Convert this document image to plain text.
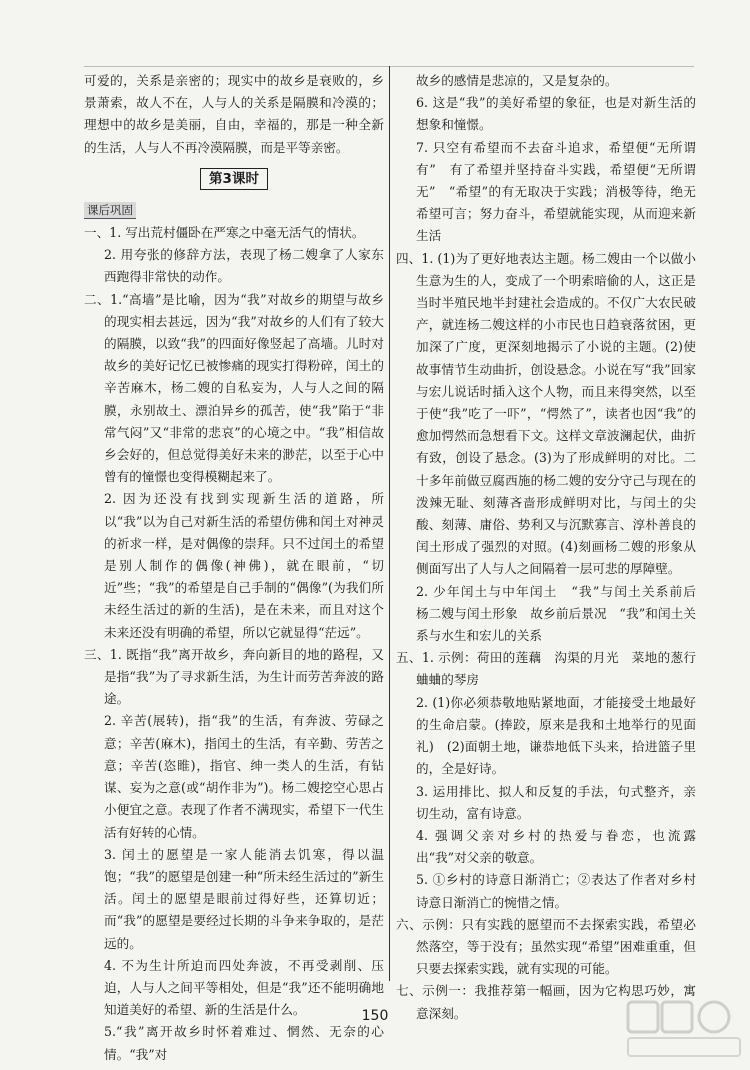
可爱的，关系是亲密的；现实中的故乡是衰败的，乡景萧索，故人不在，人与人的关系是隔膜和冷漠的；理想中的故乡是美丽，自由，幸福的，那是一种全新的生活，人与人不再冷漠隔膜，而是平等亲密。

第3课时
课后巩固

一、1. 写出荒村僵卧在严寒之中毫无活气的情状。

2. 用夸张的修辞方法，表现了杨二嫂拿了人家东西跑得非常快的动作。

二、1.“高墙”是比喻，因为“我”对故乡的期望与故乡的现实相去甚远，因为“我”对故乡的人们有了较大的隔膜，以致“我”的四面好像竖起了高墙。儿时对故乡的美好记忆已被惨痛的现实打得粉碎，闰土的辛苦麻木，杨二嫂的自私妄为，人与人之间的隔膜，永别故土、漂泊异乡的孤苦，使“我”陷于“非常气闷”又“非常的悲哀”的心境之中。“我”相信故乡会好的，但总觉得美好未来的渺茫，以至于心中曾有的憧憬也变得模糊起来了。

2. 因为还没有找到实现新生活的道路，所以“我”以为自己对新生活的希望仿佛和闰土对神灵的祈求一样，是对偶像的崇拜。只不过闰土的希望是别人制作的偶像(神佛)，就在眼前，“切近”些；“我”的希望是自己手制的“偶像”(为我们所未经生活过的新的生活)，是在未来，而且对这个未来还没有明确的希望，所以它就显得“茫远”。

三、1. 既指“我”离开故乡，奔向新目的地的路程，又是指“我”为了寻求新生活，为生计而劳苦奔波的路途。

2. 辛苦(展转)，指“我”的生活，有奔波、劳碌之意；辛苦(麻木)，指闰土的生活，有辛勤、劳苦之意；辛苦(恣睢)，指官、绅一类人的生活，有钻谋、妄为之意(或“胡作非为”)。杨二嫂挖空心思占小便宜之意。表现了作者不满现实，希望下一代生活有好转的心情。

3. 闰土的愿望是一家人能消去饥寒，得以温饱；“我”的愿望是创建一种“所未经生活过的”新生活。闰土的愿望是眼前过得好些，还算切近；而“我”的愿望是要经过长期的斗争来争取的，是茫远的。

4. 不为生计所迫而四处奔波，不再受剥削、压迫，人与人之间平等相处，但是“我”还不能明确地知道美好的希望、新的生活是什么。

5.“我”离开故乡时怀着难过、惘然、无奈的心情。“我”对

故乡的感情是悲凉的，又是复杂的。

6. 这是“我”的美好希望的象征，也是对新生活的想象和憧憬。

7. 只空有希望而不去奋斗追求，希望便“无所谓有”　有了希望并坚持奋斗实践，希望便“无所谓无”　“希望”的有无取决于实践；消极等待，绝无希望可言；努力奋斗，希望就能实现，从而迎来新生活

四、1. (1)为了更好地表达主题。杨二嫂由一个以做小生意为生的人，变成了一个明索暗偷的人，这正是当时半殖民地半封建社会造成的。不仅广大农民破产，就连杨二嫂这样的小市民也日趋衰落贫困，更加深了广度，更深刻地揭示了小说的主题。(2)使故事情节生动曲折，创设悬念。小说在写“我”回家与宏儿说话时插入这个人物，而且来得突然，以至于使“我”吃了一吓”，“愕然了”，读者也因“我”的愈加愕然而急想看下文。这样文章波澜起伏，曲折有致，创设了悬念。(3)为了形成鲜明的对比。二十多年前做豆腐西施的杨二嫂的安分守己与现在的泼辣无耻、刻薄吝啬形成鲜明对比，与闰土的尖酸、刻薄、庸俗、势利又与沉默寡言、淳朴善良的闰土形成了强烈的对照。(4)刻画杨二嫂的形象从侧面写出了人与人之间隔着一层可悲的厚障壁。

2. 少年闰土与中年闰土　“我”与闰土关系前后　杨二嫂与闰土形象　故乡前后景况　“我”和闰土关系与水生和宏儿的关系

五、1. 示例：荷田的莲藕　沟渠的月光　菜地的葱行　蛐蛐的琴房

2. (1)你必须恭敬地贴紧地面，才能接受土地最好的生命启蒙。(捧跤，原来是我和土地举行的见面礼)　(2)面朝土地，谦恭地低下头来，拾进篮子里的，全是好诗。

3. 运用排比、拟人和反复的手法，句式整齐，亲切生动，富有诗意。

4. 强调父亲对乡村的热爱与眷恋，也流露出“我”对父亲的敬意。

5. ①乡村的诗意日渐消亡；②表达了作者对乡村诗意日渐消亡的惋惜之情。

六、示例：只有实践的愿望而不去探索实践，希望必然落空，等于没有；虽然实现“希望”困难重重，但只要去探索实践，就有实现的可能。

七、示例一：我推荐第一幅画，因为它构思巧妙，寓意深刻。

150
